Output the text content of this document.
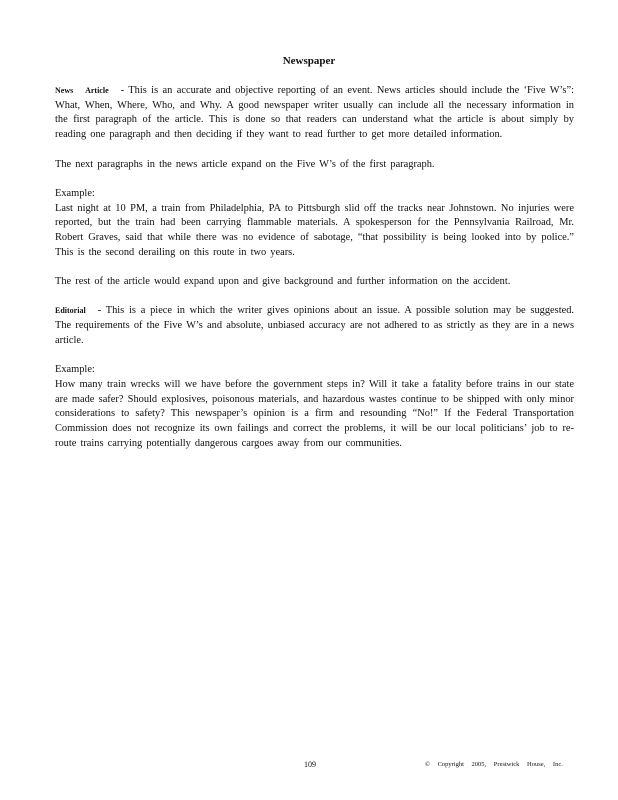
Newspaper

News Article - This is an accurate and objective reporting of an event. News articles should include the ‘Five W’s”: What, When, Where, Who, and Why. A good newspaper writer usually can include all the necessary information in the first paragraph of the article. This is done so that readers can understand what the article is about simply by reading one paragraph and then deciding if they want to read further to get more detailed information.

The next paragraphs in the news article expand on the Five W’s of the first paragraph.

Example:
Last night at 10 PM, a train from Philadelphia, PA to Pittsburgh slid off the tracks near Johnstown. No injuries were reported, but the train had been carrying flammable materials. A spokesperson for the Pennsylvania Railroad, Mr. Robert Graves, said that while there was no evidence of sabotage, “that possibility is being looked into by police.” This is the second derailing on this route in two years.

The rest of the article would expand upon and give background and further information on the accident.

Editorial - This is a piece in which the writer gives opinions about an issue. A possible solution may be suggested. The requirements of the Five W’s and absolute, unbiased accuracy are not adhered to as strictly as they are in a news article.

Example:
How many train wrecks will we have before the government steps in? Will it take a fatality before trains in our state are made safer? Should explosives, poisonous materials, and hazardous wastes continue to be shipped with only minor considerations to safety? This newspaper’s opinion is a firm and resounding “No!” If the Federal Transportation Commission does not recognize its own failings and correct the problems, it will be our local politicians’ job to re-route trains carrying potentially dangerous cargoes away from our communities.

109	© Copyright 2005, Prestwick House, Inc.
